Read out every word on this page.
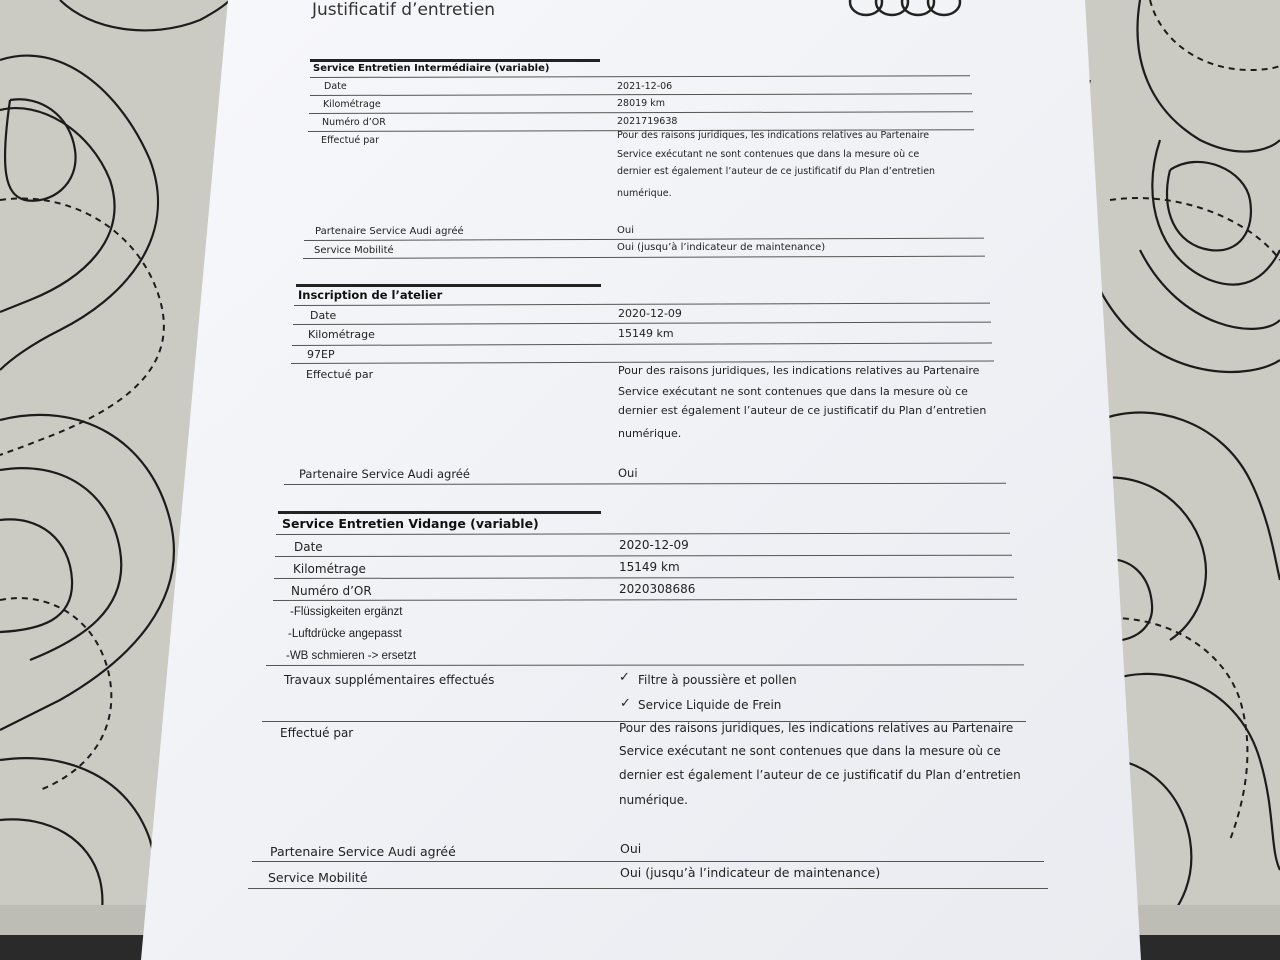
Justificatif d’entretien
Service Entretien Intermédiaire (variable)
Date	2021-12-06
Kilométrage	28019 km
Numéro d’OR	2021719638
Effectué par	Pour des raisons juridiques, les indications relatives au Partenaire
Service exécutant ne sont contenues que dans la mesure où ce
dernier est également l’auteur de ce justificatif du Plan d’entretien
numérique.
Partenaire Service Audi agréé	Oui
Service Mobilité	Oui (jusqu’à l’indicateur de maintenance)
Inscription de l’atelier
Date	2020-12-09
Kilométrage	15149 km
97EP
Effectué par	Pour des raisons juridiques, les indications relatives au Partenaire
Service exécutant ne sont contenues que dans la mesure où ce
dernier est également l’auteur de ce justificatif du Plan d’entretien
numérique.
Partenaire Service Audi agréé	Oui
Service Entretien Vidange (variable)
Date	2020-12-09
Kilométrage	15149 km
Numéro d’OR	2020308686
-Flüssigkeiten ergänzt
-Luftdrücke angepasst
-WB schmieren -> ersetzt
Travaux supplémentaires effectués	✓ Filtre à poussière et pollen
✓ Service Liquide de Frein
Effectué par	Pour des raisons juridiques, les indications relatives au Partenaire
Service exécutant ne sont contenues que dans la mesure où ce
dernier est également l’auteur de ce justificatif du Plan d’entretien
numérique.
Partenaire Service Audi agréé	Oui
Service Mobilité	Oui (jusqu’à l’indicateur de maintenance)
